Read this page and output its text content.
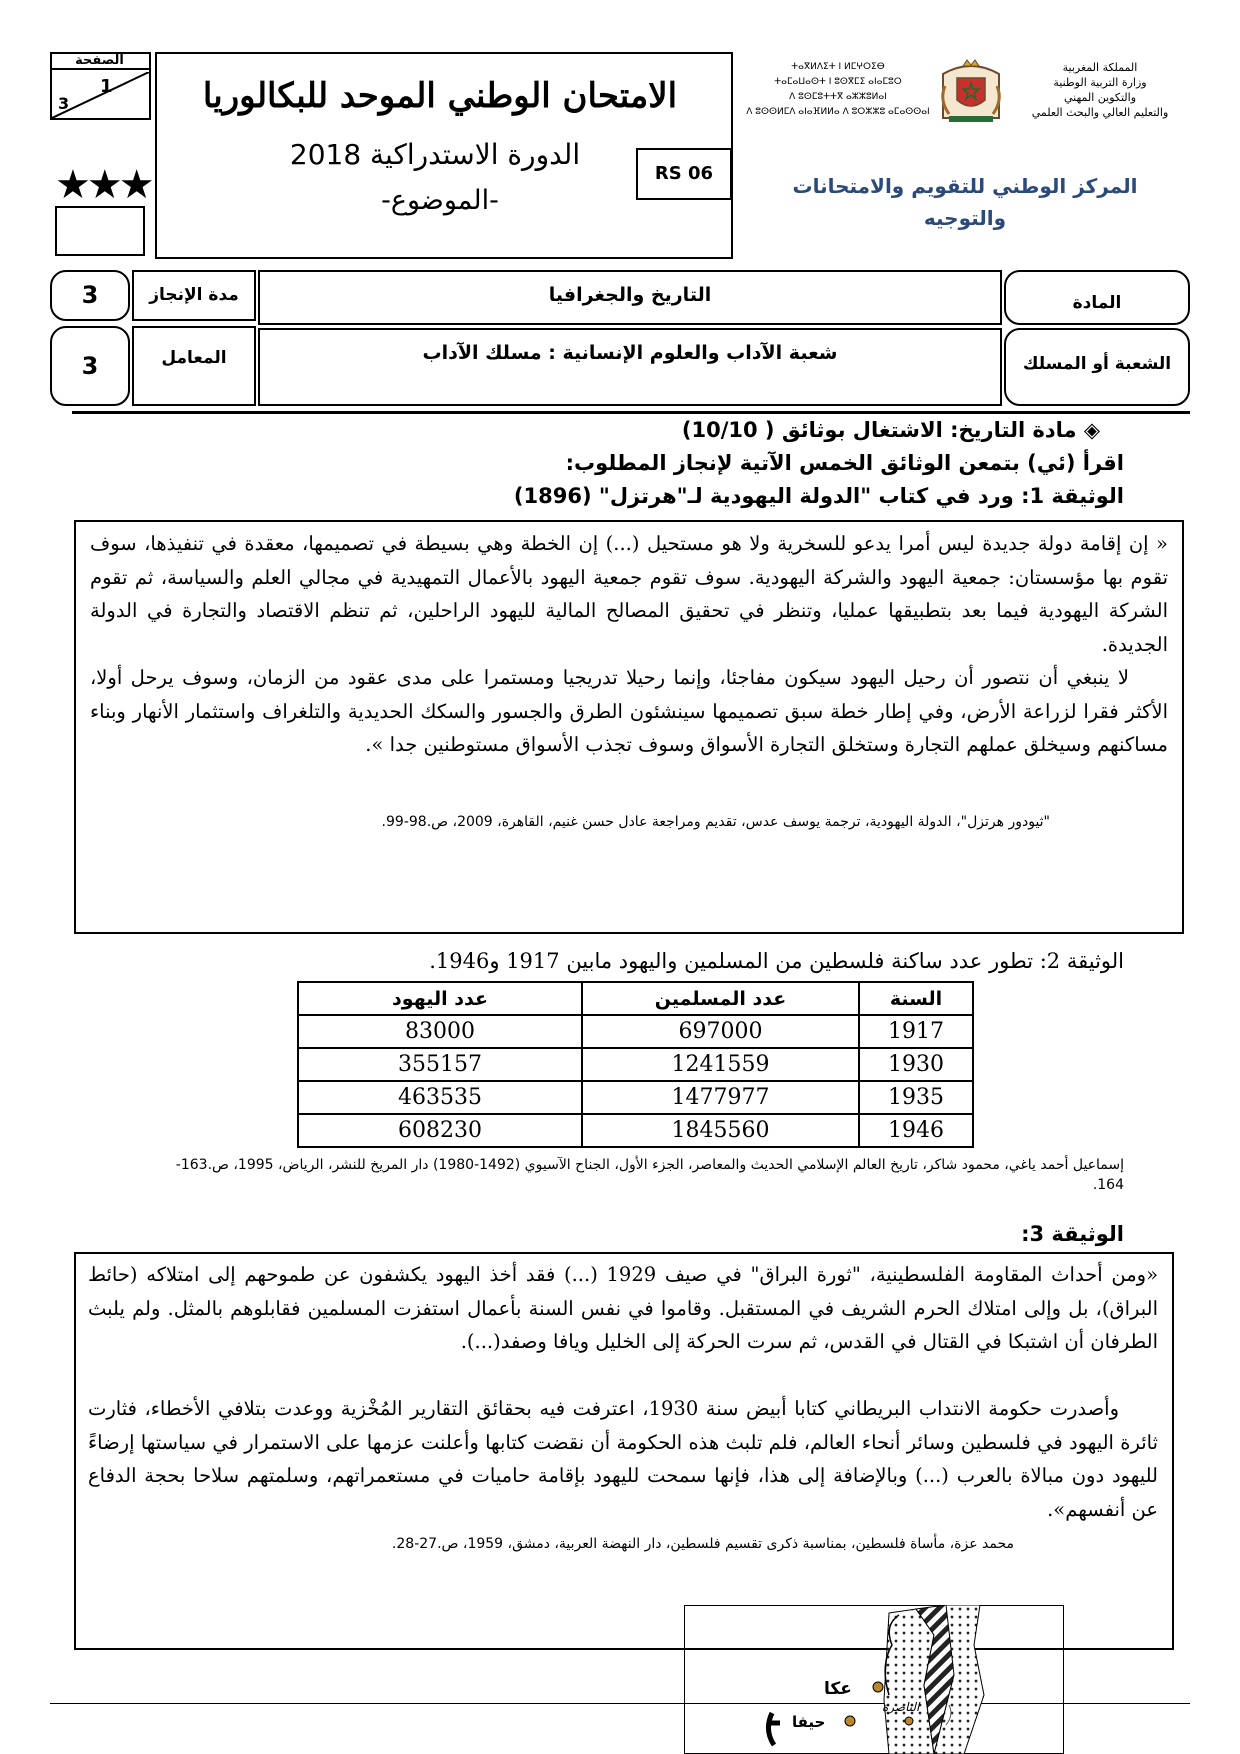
الصفحة
1
3
★★★
الامتحان الوطني الموحد للبكالوريا
الدورة الاستدراكية 2018
-الموضوع-
RS 06
ⵜⴰⴳⵍⴷⵉⵜ ⵏ ⵍⵎⵖⵔⵉⴱ
ⵜⴰⵎⴰⵡⴰⵙⵜ ⵏ ⵓⵙⴳⵎⵉ ⴰⵏⴰⵎⵓⵔ
ⴷ ⵓⵙⵎⵓⵜⵜⴳ ⴰⵣⵣⵓⵍⴰⵏ
ⴷ ⵓⵙⵙⵍⵎⴷ ⴰⵏⴰⴼⵍⵍⴰ ⴷ ⵓⵔⵣⵣⵓ ⴰⵎⴰⵙⵙⴰⵏ
المملكة المغربية
وزارة التربية الوطنية
والتكوين المهني
والتعليم العالي والبحث العلمي
المركز الوطني للتقويم والامتحانات والتوجيه
3
3
مدة الإنجاز
المعامل
التاريخ والجغرافيا
شعبة الآداب والعلوم الإنسانية : مسلك الآداب
المادة
الشعبة أو المسلك
◈ مادة التاريخ: الاشتغال بوثائق ( 10/10)
اقرأ (ئي) بتمعن الوثائق الخمس الآتية لإنجاز المطلوب:
الوثيقة 1: ورد في كتاب "الدولة اليهودية لـ"هرتزل" (1896)
« إن إقامة دولة جديدة ليس أمرا يدعو للسخرية ولا هو مستحيل (...) إن الخطة وهي بسيطة في تصميمها، معقدة في تنفيذها، سوف تقوم بها مؤسستان: جمعية اليهود والشركة اليهودية. سوف تقوم جمعية اليهود بالأعمال التمهيدية في مجالي العلم والسياسة، ثم تقوم الشركة اليهودية فيما بعد بتطبيقها عمليا، وتنظر في تحقيق المصالح المالية لليهود الراحلين، ثم تنظم الاقتصاد والتجارة في الدولة الجديدة.
لا ينبغي أن نتصور أن رحيل اليهود سيكون مفاجئا، وإنما رحيلا تدريجيا ومستمرا على مدى عقود من الزمان، وسوف يرحل أولا، الأكثر فقرا لزراعة الأرض، وفي إطار خطة سبق تصميمها سينشئون الطرق والجسور والسكك الحديدية والتلغراف واستثمار الأنهار وبناء مساكنهم وسيخلق عملهم التجارة وستخلق التجارة الأسواق وسوف تجذب الأسواق مستوطنين جدا ».
"ثيودور هرتزل"، الدولة اليهودية، ترجمة يوسف عدس، تقديم ومراجعة عادل حسن غنيم، القاهرة، 2009، ص.98-99.
الوثيقة 2: تطور عدد ساكنة فلسطين من المسلمين واليهود مابين 1917 و1946.
السنة	عدد المسلمين	عدد اليهود
1917	697000	83000
1930	1241559	355157
1935	1477977	463535
1946	1845560	608230
إسماعيل أحمد ياغي، محمود شاكر، تاريخ العالم الإسلامي الحديث والمعاصر، الجزء الأول، الجناح الآسيوي (1492-1980) دار المريخ للنشر، الرياض، 1995، ص.163-164.
الوثيقة 3:
«ومن أحداث المقاومة الفلسطينية، "ثورة البراق" في صيف 1929 (...) فقد أخذ اليهود يكشفون عن طموحهم إلى امتلاكه (حائط البراق)، بل وإلى امتلاك الحرم الشريف في المستقبل. وقاموا في نفس السنة بأعمال استفزت المسلمين فقابلوهم بالمثل. ولم يلبث الطرفان أن اشتبكا في القتال في القدس، ثم سرت الحركة إلى الخليل ويافا وصفد(...).
وأصدرت حكومة الانتداب البريطاني كتابا أبيض سنة 1930، اعترفت فيه بحقائق التقارير المُخْزية ووعدت بتلافي الأخطاء، فثارت ثائرة اليهود في فلسطين وسائر أنحاء العالم، فلم تلبث هذه الحكومة أن نقضت كتابها وأعلنت عزمها على الاستمرار في سياستها إرضاءً لليهود دون مبالاة بالعرب (...) وبالإضافة إلى هذا، فإنها سمحت لليهود بإقامة حاميات في مستعمراتهم، وسلمتهم سلاحا بحجة الدفاع عن أنفسهم».
محمد عزة، مأساة فلسطين، بمناسبة ذكرى تقسيم فلسطين، دار النهضة العربية، دمشق، 1959، ص.27-28.
عكا
حيفا
الناصرة
